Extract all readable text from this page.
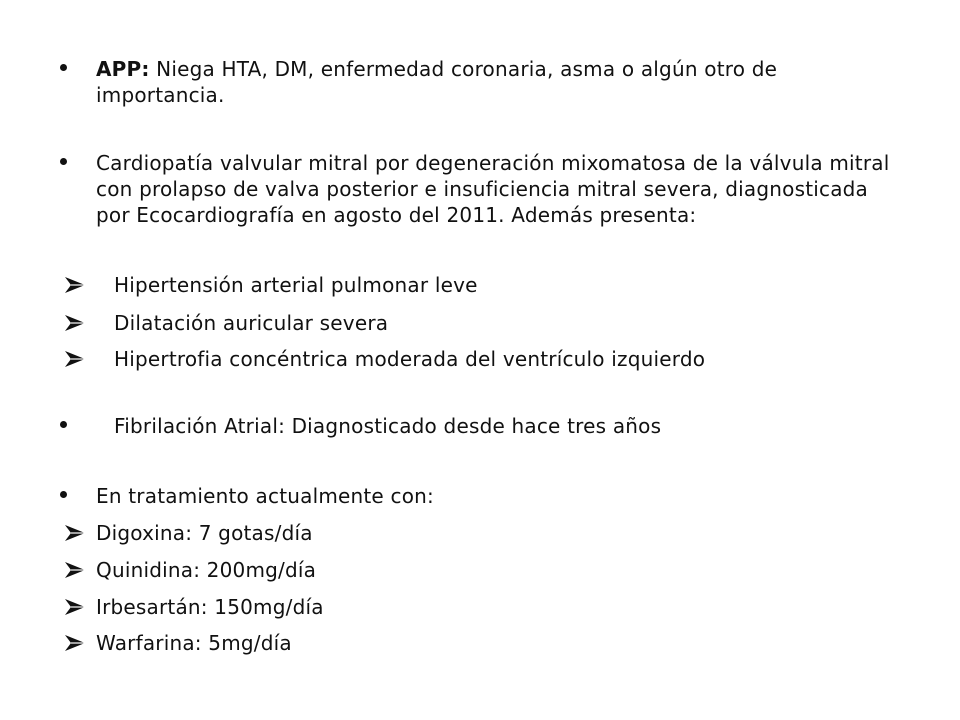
APP: Niega HTA, DM, enfermedad coronaria, asma o algún otro de importancia.
Cardiopatía valvular mitral por degeneración mixomatosa de la válvula mitral con prolapso de valva posterior e insuficiencia mitral severa, diagnosticada por Ecocardiografía en agosto del 2011. Además presenta:
Hipertensión arterial pulmonar leve
Dilatación auricular severa
Hipertrofia concéntrica moderada del ventrículo izquierdo
Fibrilación Atrial: Diagnosticado desde hace tres años
En tratamiento actualmente con:
Digoxina: 7 gotas/día
Quinidina: 200mg/día
Irbesartán: 150mg/día
Warfarina: 5mg/día
